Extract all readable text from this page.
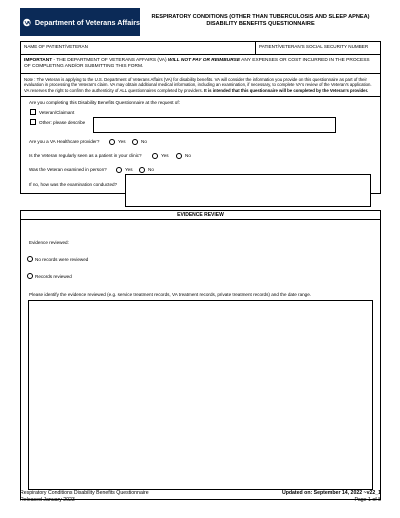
Department of Veterans Affairs
RESPIRATORY CONDITIONS (OTHER THAN TUBERCULOSIS AND SLEEP APNEA)
DISABILITY BENEFITS QUESTIONNAIRE
NAME OF PATIENT/VETERAN	PATIENT/VETERAN'S SOCIAL SECURITY NUMBER
IMPORTANT - THE DEPARTMENT OF VETERANS AFFAIRS (VA) WILL NOT PAY OR REIMBURSE ANY EXPENSES OR COST INCURRED IN THE PROCESS OF COMPLETING AND/OR SUBMITTING THIS FORM.
Note : The Veteran is applying to the U.S. Department of Veterans Affairs (VA) for disability benefits. VA will consider the information you provide on this questionnaire as part of their evaluation in processing the Veteran's claim. VA may obtain additional medical information, including an examination, if necessary, to complete VA's review of the Veteran's application. VA reserves the right to confirm the authenticity of ALL questionnaires completed by providers. It is intended that this questionnaire will be completed by the Veteran's provider.
Are you completing this Disability Benefits Questionnaire at the request of:
Veteran/Claimant
Other: please describe
Are you a VA Healthcare provider?	Yes	No
Is the Veteran regularly seen as a patient in your clinic?	Yes	No
Was the Veteran examined in person?	Yes	No
If no, how was the examination conducted?
EVIDENCE REVIEW
Evidence reviewed:
No records were reviewed
Records reviewed
Please identify the evidence reviewed (e.g. service treatment records, VA treatment records, private treatment records) and the date range.
Respiratory Conditions Disability Benefits Questionnaire
Released January 2023
Updated on: September 14, 2022 ~v22_1
Page 1 of 8
